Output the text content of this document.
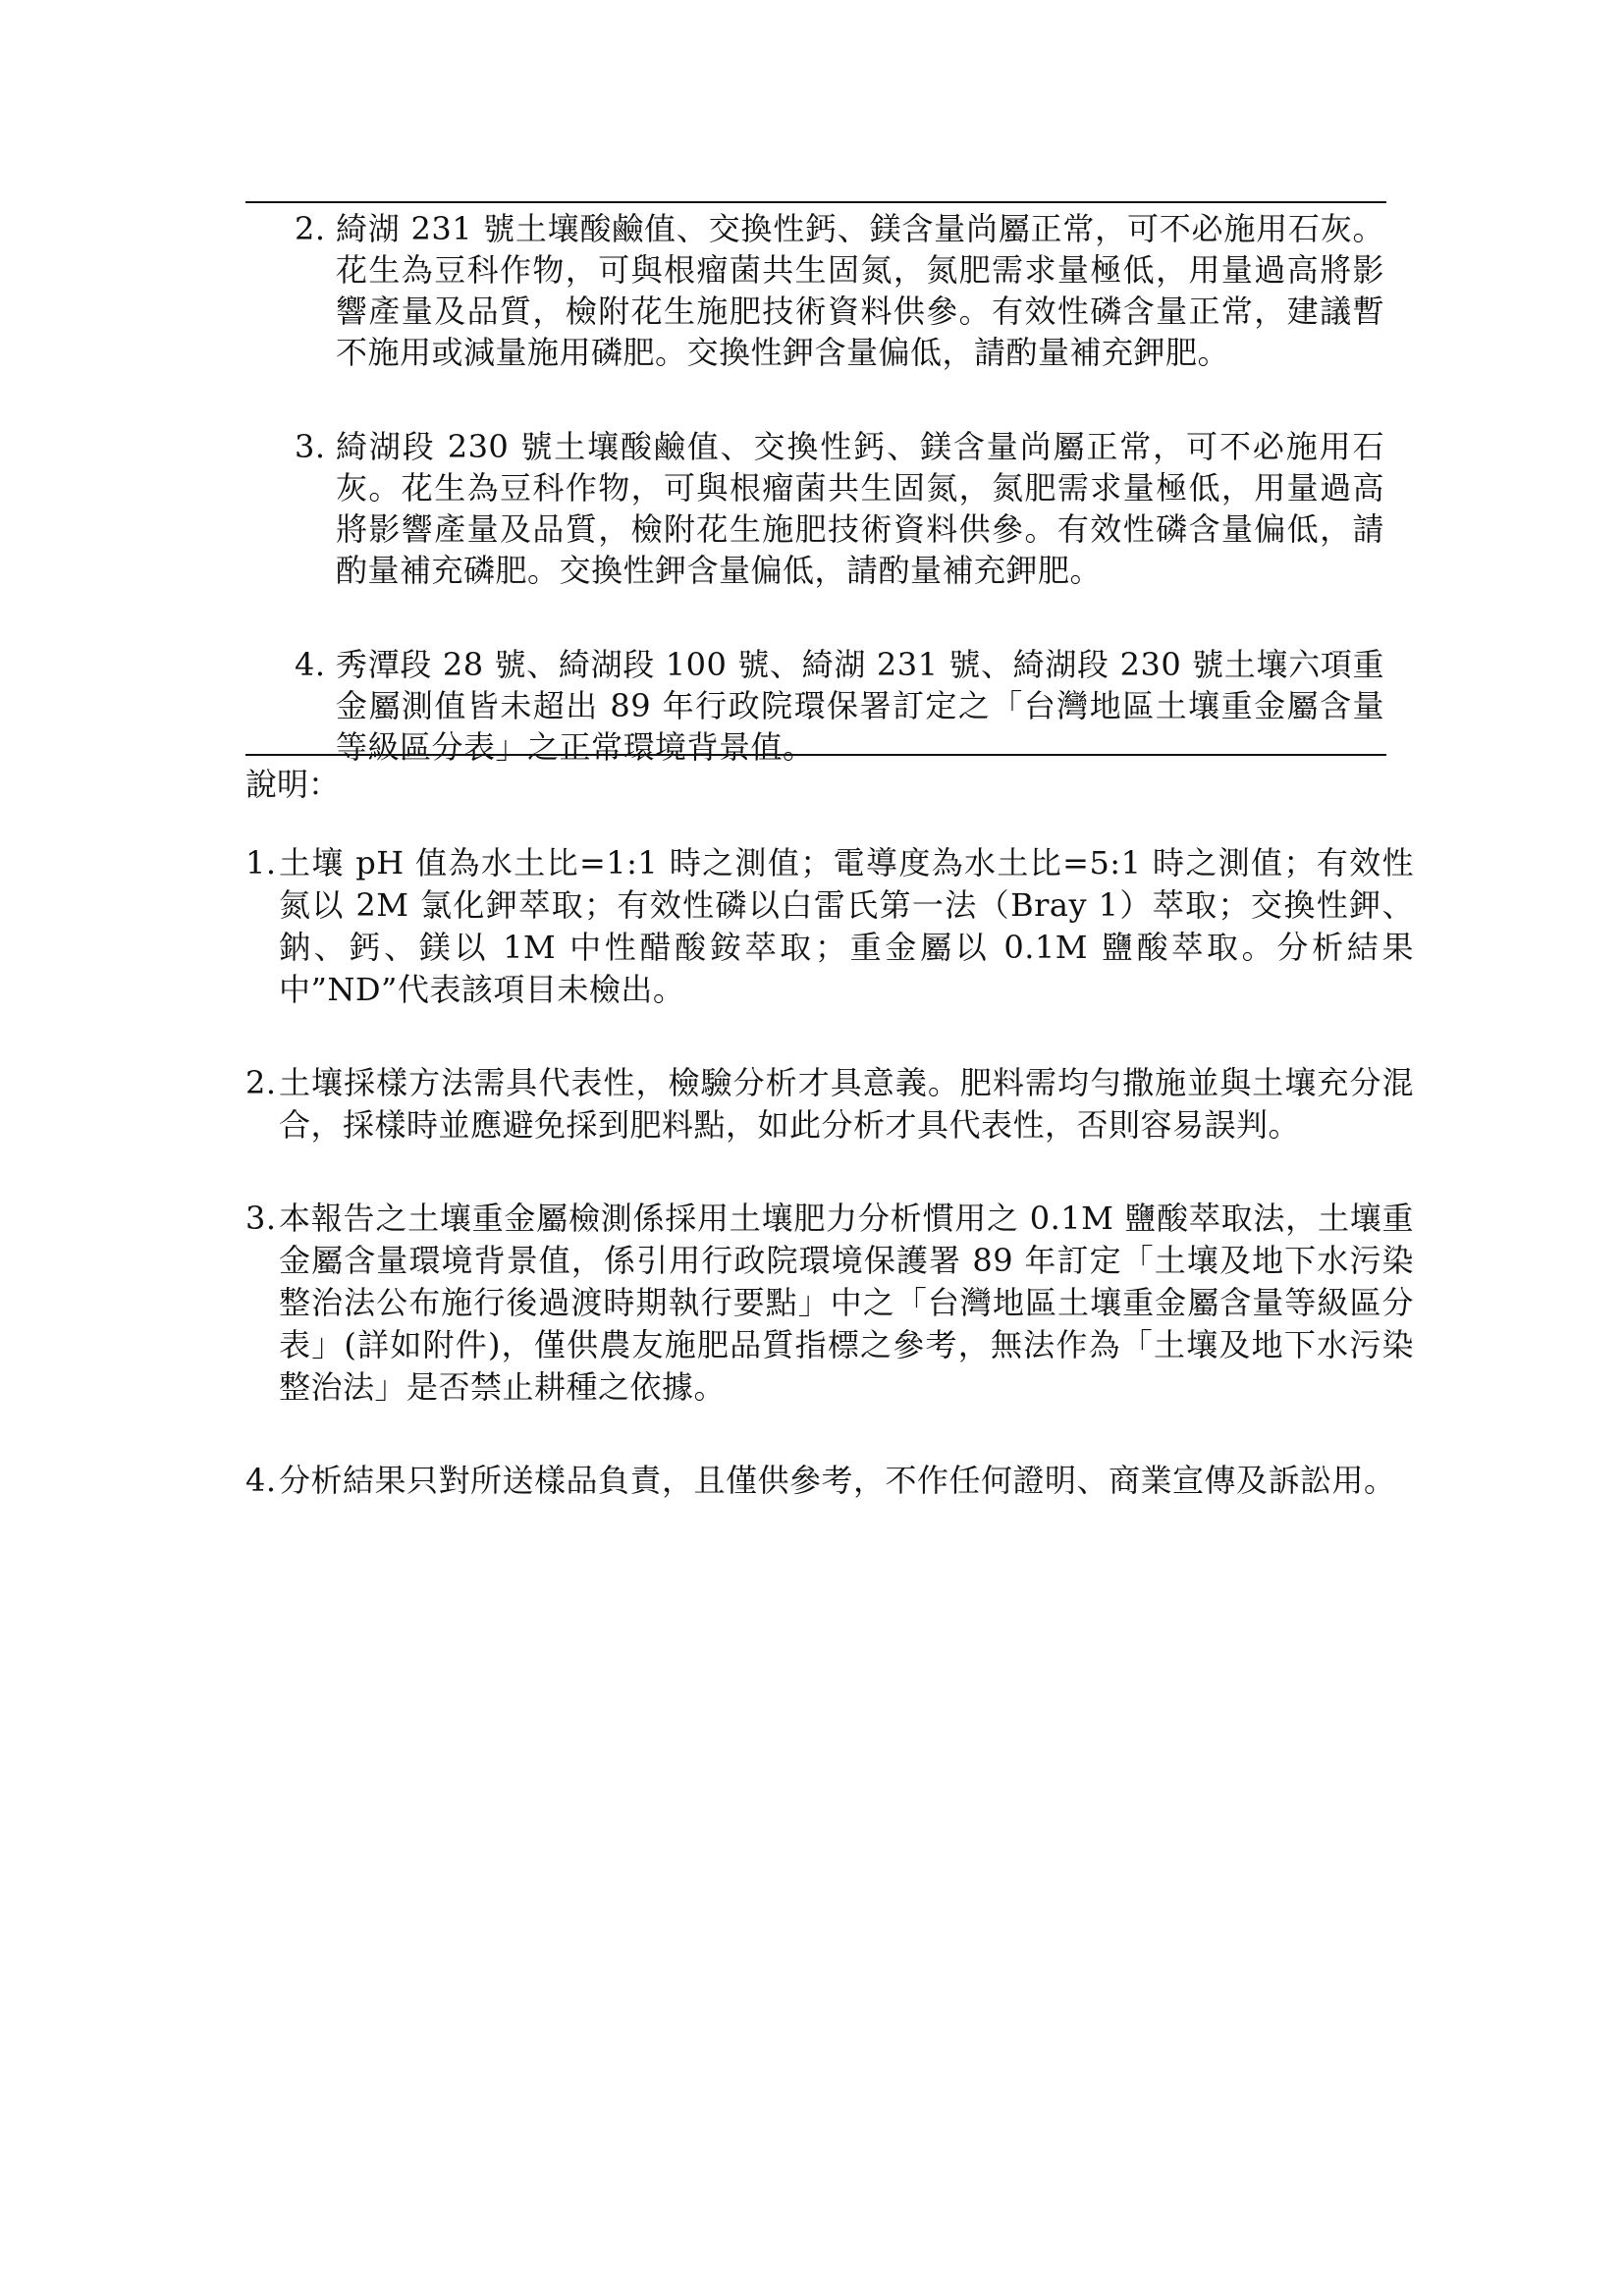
2. 綺湖 231 號土壤酸鹼值、交換性鈣、鎂含量尚屬正常，可不必施用石灰。花生為豆科作物，可與根瘤菌共生固氮，氮肥需求量極低，用量過高將影響產量及品質，檢附花生施肥技術資料供參。有效性磷含量正常，建議暫不施用或減量施用磷肥。交換性鉀含量偏低，請酌量補充鉀肥。
3. 綺湖段 230 號土壤酸鹼值、交換性鈣、鎂含量尚屬正常，可不必施用石灰。花生為豆科作物，可與根瘤菌共生固氮，氮肥需求量極低，用量過高將影響產量及品質，檢附花生施肥技術資料供參。有效性磷含量偏低，請酌量補充磷肥。交換性鉀含量偏低，請酌量補充鉀肥。
4. 秀潭段 28 號、綺湖段 100 號、綺湖 231 號、綺湖段 230 號土壤六項重金屬測值皆未超出 89 年行政院環保署訂定之「台灣地區土壤重金屬含量等級區分表」之正常環境背景值。
說明：
1. 土壤 pH 值為水土比=1:1 時之測值；電導度為水土比=5:1 時之測值；有效性氮以 2M 氯化鉀萃取；有效性磷以白雷氏第一法（Bray 1）萃取；交換性鉀、鈉、鈣、鎂以 1M 中性醋酸銨萃取；重金屬以 0.1M 鹽酸萃取。分析結果中”ND”代表該項目未檢出。
2. 土壤採樣方法需具代表性，檢驗分析才具意義。肥料需均勻撒施並與土壤充分混合，採樣時並應避免採到肥料點，如此分析才具代表性，否則容易誤判。
3. 本報告之土壤重金屬檢測係採用土壤肥力分析慣用之 0.1M 鹽酸萃取法，土壤重金屬含量環境背景值，係引用行政院環境保護署 89 年訂定「土壤及地下水污染整治法公布施行後過渡時期執行要點」中之「台灣地區土壤重金屬含量等級區分表」(詳如附件)，僅供農友施肥品質指標之參考，無法作為「土壤及地下水污染整治法」是否禁止耕種之依據。
4. 分析結果只對所送樣品負責，且僅供參考，不作任何證明、商業宣傳及訴訟用。
